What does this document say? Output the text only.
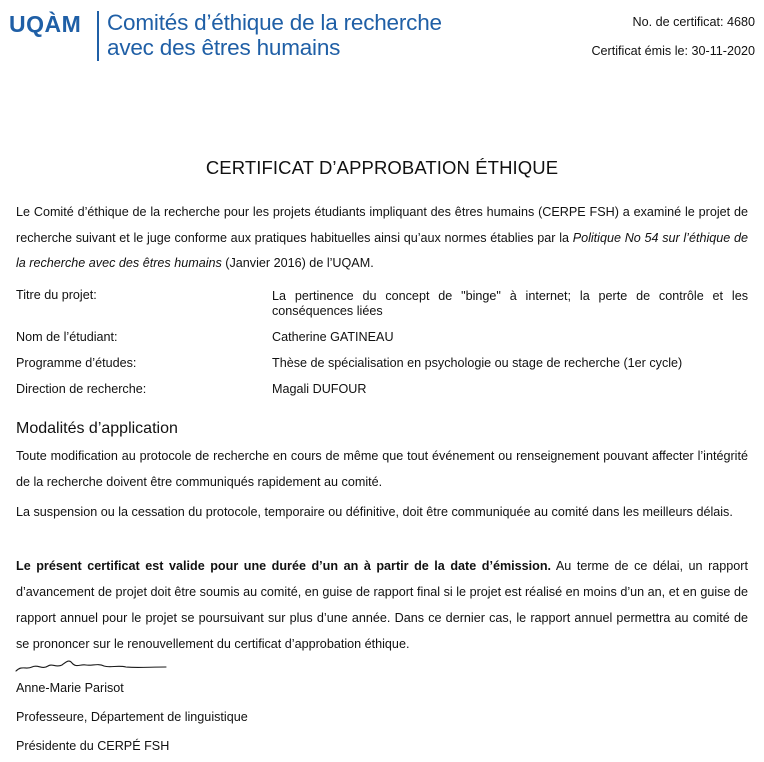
UQÀM Comités d’éthique de la recherche
avec des êtres humains
No. de certificat: 4680
Certificat émis le: 30-11-2020
CERTIFICAT D’APPROBATION ÉTHIQUE

Le Comité d’éthique de la recherche pour les projets étudiants impliquant des êtres humains (CERPE FSH) a examiné le projet de recherche suivant et le juge conforme aux pratiques habituelles ainsi qu’aux normes établies par la Politique No 54 sur l’éthique de la recherche avec des êtres humains (Janvier 2016) de l’UQAM.

Titre du projet:	La pertinence du concept de "binge" à internet; la perte de contrôle et les conséquences liées
Nom de l’étudiant:	Catherine GATINEAU
Programme d’études:	Thèse de spécialisation en psychologie ou stage de recherche (1er cycle)
Direction de recherche:	Magali DUFOUR
Modalités d’application

Toute modification au protocole de recherche en cours de même que tout événement ou renseignement pouvant affecter l’intégrité de la recherche doivent être communiqués rapidement au comité.

La suspension ou la cessation du protocole, temporaire ou définitive, doit être communiquée au comité dans les meilleurs délais.

Le présent certificat est valide pour une durée d’un an à partir de la date d’émission. Au terme de ce délai, un rapport d’avancement de projet doit être soumis au comité, en guise de rapport final si le projet est réalisé en moins d’un an, et en guise de rapport annuel pour le projet se poursuivant sur plus d’une année. Dans ce dernier cas, le rapport annuel permettra au comité de se prononcer sur le renouvellement du certificat d’approbation éthique.

Anne-Marie Parisot
Professeure, Département de linguistique
Présidente du CERPÉ FSH
